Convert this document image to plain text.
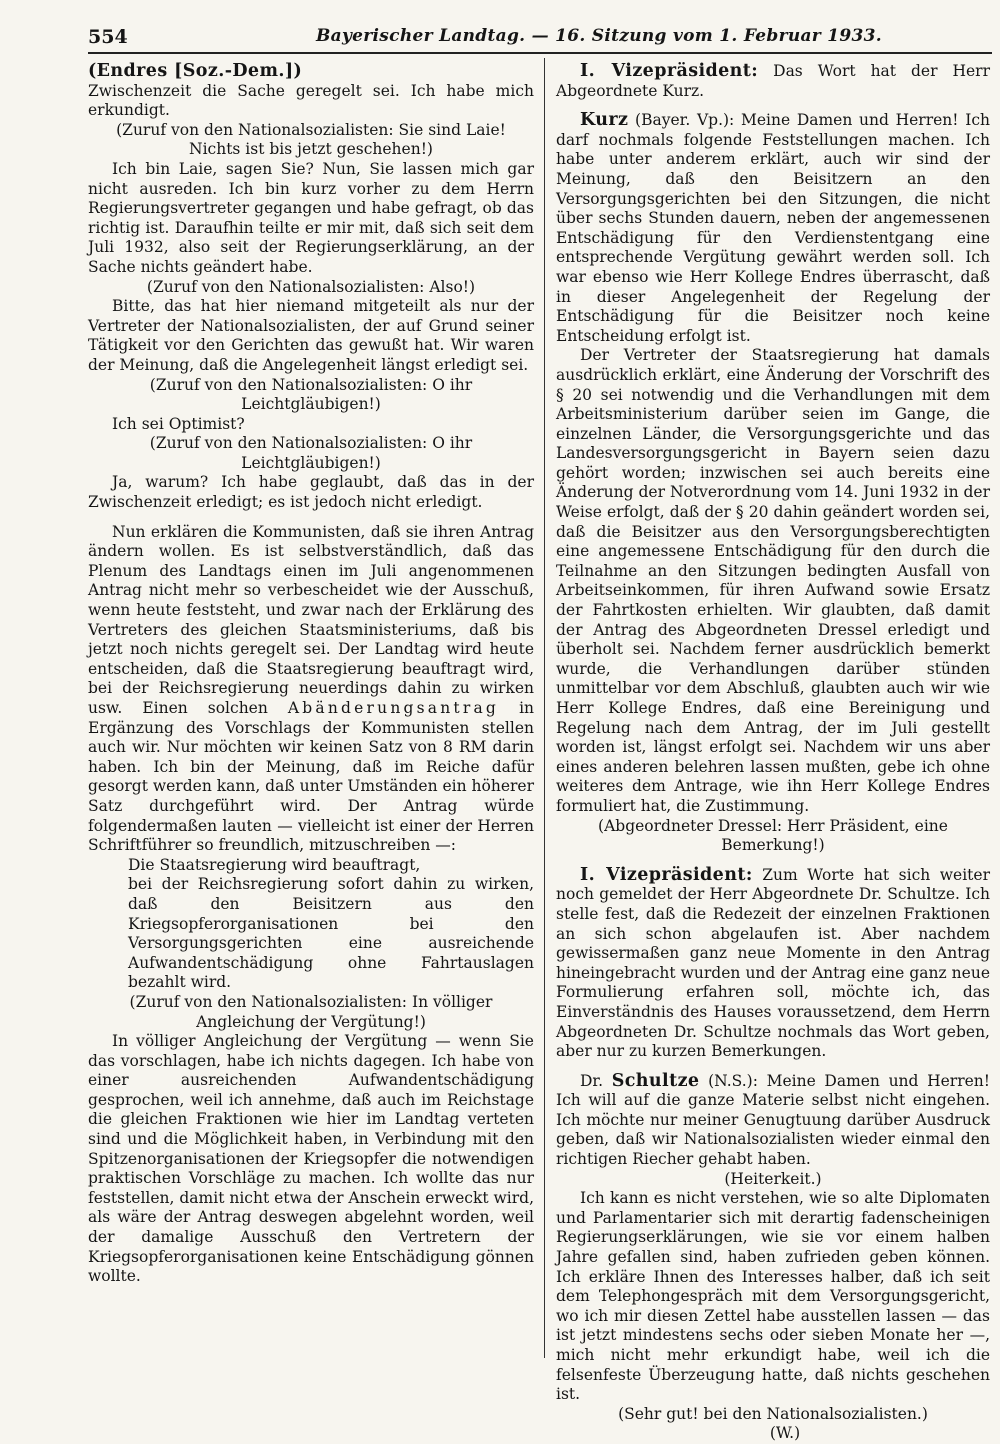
554	Bayerischer Landtag. — 16. Sitzung vom 1. Februar 1933.

(Endres [Soz.-Dem.])

Zwischenzeit die Sache geregelt sei. Ich habe mich erkundigt.

(Zuruf von den Nationalsozialisten: Sie sind Laie! Nichts ist bis jetzt geschehen!)

Ich bin Laie, sagen Sie? Nun, Sie lassen mich gar nicht ausreden. Ich bin kurz vorher zu dem Herrn Regierungsvertreter gegangen und habe gefragt, ob das richtig ist. Daraufhin teilte er mir mit, daß sich seit dem Juli 1932, also seit der Regierungserklärung, an der Sache nichts geändert habe.

(Zuruf von den Nationalsozialisten: Also!)

Bitte, das hat hier niemand mitgeteilt als nur der Vertreter der Nationalsozialisten, der auf Grund seiner Tätigkeit vor den Gerichten das gewußt hat. Wir waren der Meinung, daß die Angelegenheit längst erledigt sei.

(Zuruf von den Nationalsozialisten: O ihr Leichtgläubigen!)

Ich sei Optimist?

(Zuruf von den Nationalsozialisten: O ihr Leichtgläubigen!)

Ja, warum? Ich habe geglaubt, daß das in der Zwischenzeit erledigt; es ist jedoch nicht erledigt.

Nun erklären die Kommunisten, daß sie ihren Antrag ändern wollen. Es ist selbstverständlich, daß das Plenum des Landtags einen im Juli angenommenen Antrag nicht mehr so verbescheidet wie der Ausschuß, wenn heute feststeht, und zwar nach der Erklärung des Vertreters des gleichen Staatsministeriums, daß bis jetzt noch nichts geregelt sei. Der Landtag wird heute entscheiden, daß die Staatsregierung beauftragt wird, bei der Reichsregierung neuerdings dahin zu wirken usw. Einen solchen Abänderungsantrag in Ergänzung des Vorschlags der Kommunisten stellen auch wir. Nur möchten wir keinen Satz von 8 RM darin haben. Ich bin der Meinung, daß im Reiche dafür gesorgt werden kann, daß unter Umständen ein höherer Satz durchgeführt wird. Der Antrag würde folgendermaßen lauten — vielleicht ist einer der Herren Schriftführer so freundlich, mitzuschreiben —:

Die Staatsregierung wird beauftragt,

bei der Reichsregierung sofort dahin zu wirken, daß den Beisitzern aus den Kriegsopferorganisationen bei den Versorgungsgerichten eine ausreichende Aufwandentschädigung ohne Fahrtauslagen bezahlt wird.

(Zuruf von den Nationalsozialisten: In völliger Angleichung der Vergütung!)

In völliger Angleichung der Vergütung — wenn Sie das vorschlagen, habe ich nichts dagegen. Ich habe von einer ausreichenden Aufwandentschädigung gesprochen, weil ich annehme, daß auch im Reichstage die gleichen Fraktionen wie hier im Landtag verteten sind und die Möglichkeit haben, in Verbindung mit den Spitzenorganisationen der Kriegsopfer die notwendigen praktischen Vorschläge zu machen. Ich wollte das nur feststellen, damit nicht etwa der Anschein erweckt wird, als wäre der Antrag deswegen abgelehnt worden, weil der damalige Ausschuß den Vertretern der Kriegsopferorganisationen keine Entschädigung gönnen wollte.

I. Vizepräsident: Das Wort hat der Herr Abgeordnete Kurz.

Kurz (Bayer. Vp.): Meine Damen und Herren! Ich darf nochmals folgende Feststellungen machen. Ich habe unter anderem erklärt, auch wir sind der Meinung, daß den Beisitzern an den Versorgungsgerichten bei den Sitzungen, die nicht über sechs Stunden dauern, neben der angemessenen Entschädigung für den Verdienstentgang eine entsprechende Vergütung gewährt werden soll. Ich war ebenso wie Herr Kollege Endres überrascht, daß in dieser Angelegenheit der Regelung der Entschädigung für die Beisitzer noch keine Entscheidung erfolgt ist.

Der Vertreter der Staatsregierung hat damals ausdrücklich erklärt, eine Änderung der Vorschrift des § 20 sei notwendig und die Verhandlungen mit dem Arbeitsministerium darüber seien im Gange, die einzelnen Länder, die Versorgungsgerichte und das Landesversorgungsgericht in Bayern seien dazu gehört worden; inzwischen sei auch bereits eine Änderung der Notverordnung vom 14. Juni 1932 in der Weise erfolgt, daß der § 20 dahin geändert worden sei, daß die Beisitzer aus den Versorgungsberechtigten eine angemessene Entschädigung für den durch die Teilnahme an den Sitzungen bedingten Ausfall von Arbeitseinkommen, für ihren Aufwand sowie Ersatz der Fahrtkosten erhielten. Wir glaubten, daß damit der Antrag des Abgeordneten Dressel erledigt und überholt sei. Nachdem ferner ausdrücklich bemerkt wurde, die Verhandlungen darüber stünden unmittelbar vor dem Abschluß, glaubten auch wir wie Herr Kollege Endres, daß eine Bereinigung und Regelung nach dem Antrag, der im Juli gestellt worden ist, längst erfolgt sei. Nachdem wir uns aber eines anderen belehren lassen mußten, gebe ich ohne weiteres dem Antrage, wie ihn Herr Kollege Endres formuliert hat, die Zustimmung.

(Abgeordneter Dressel: Herr Präsident, eine Bemerkung!)

I. Vizepräsident: Zum Worte hat sich weiter noch gemeldet der Herr Abgeordnete Dr. Schultze. Ich stelle fest, daß die Redezeit der einzelnen Fraktionen an sich schon abgelaufen ist. Aber nachdem gewissermaßen ganz neue Momente in den Antrag hineingebracht wurden und der Antrag eine ganz neue Formulierung erfahren soll, möchte ich, das Einverständnis des Hauses voraussetzend, dem Herrn Abgeordneten Dr. Schultze nochmals das Wort geben, aber nur zu kurzen Bemerkungen.

Dr. Schultze (N.S.): Meine Damen und Herren! Ich will auf die ganze Materie selbst nicht eingehen. Ich möchte nur meiner Genugtuung darüber Ausdruck geben, daß wir Nationalsozialisten wieder einmal den richtigen Riecher gehabt haben.

(Heiterkeit.)

Ich kann es nicht verstehen, wie so alte Diplomaten und Parlamentarier sich mit derartig fadenscheinigen Regierungserklärungen, wie sie vor einem halben Jahre gefallen sind, haben zufrieden geben können. Ich erkläre Ihnen des Interesses halber, daß ich seit dem Telephongespräch mit dem Versorgungsgericht, wo ich mir diesen Zettel habe ausstellen lassen — das ist jetzt mindestens sechs oder sieben Monate her —, mich nicht mehr erkundigt habe, weil ich die felsenfeste Überzeugung hatte, daß nichts geschehen ist.

(Sehr gut! bei den Nationalsozialisten.)

(W.)
